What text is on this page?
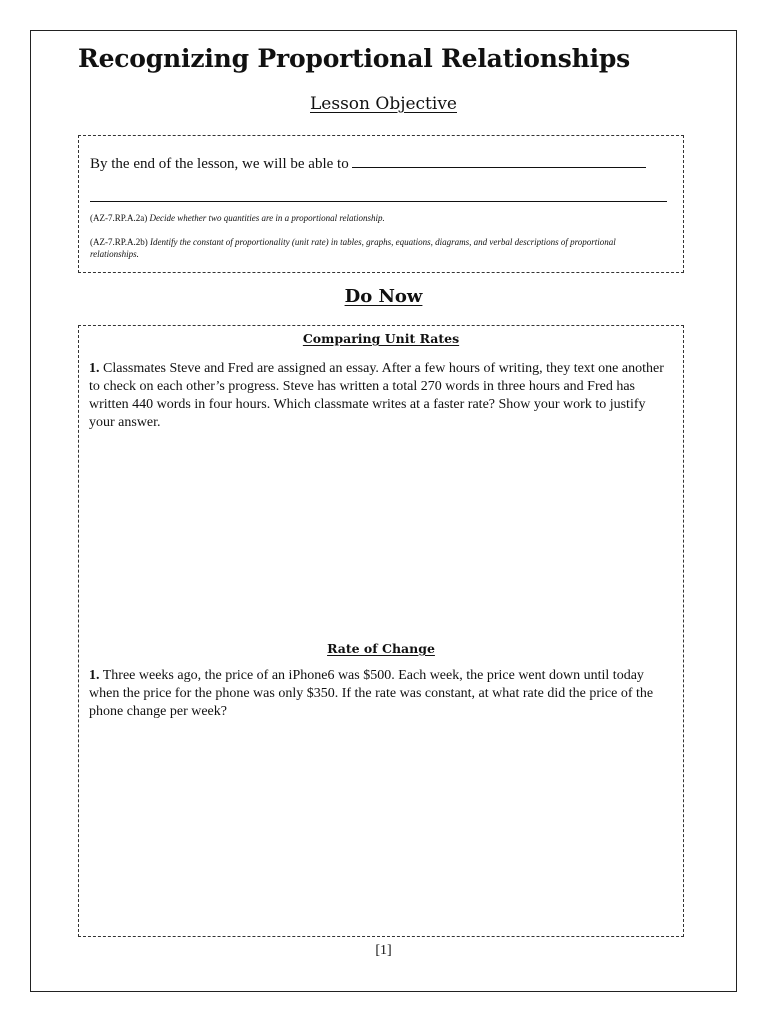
Recognizing Proportional Relationships
Lesson Objective
By the end of the lesson, we will be able to
(AZ-7.RP.A.2a) Decide whether two quantities are in a proportional relationship.
(AZ-7.RP.A.2b) Identify the constant of proportionality (unit rate) in tables, graphs, equations, diagrams, and verbal descriptions of proportional relationships.
Do Now
Comparing Unit Rates
1. Classmates Steve and Fred are assigned an essay. After a few hours of writing, they text one another to check on each other’s progress. Steve has written a total 270 words in three hours and Fred has written 440 words in four hours. Which classmate writes at a faster rate? Show your work to justify your answer.
Rate of Change
1. Three weeks ago, the price of an iPhone6 was $500. Each week, the price went down until today when the price for the phone was only $350. If the rate was constant, at what rate did the price of the phone change per week?
[1]
